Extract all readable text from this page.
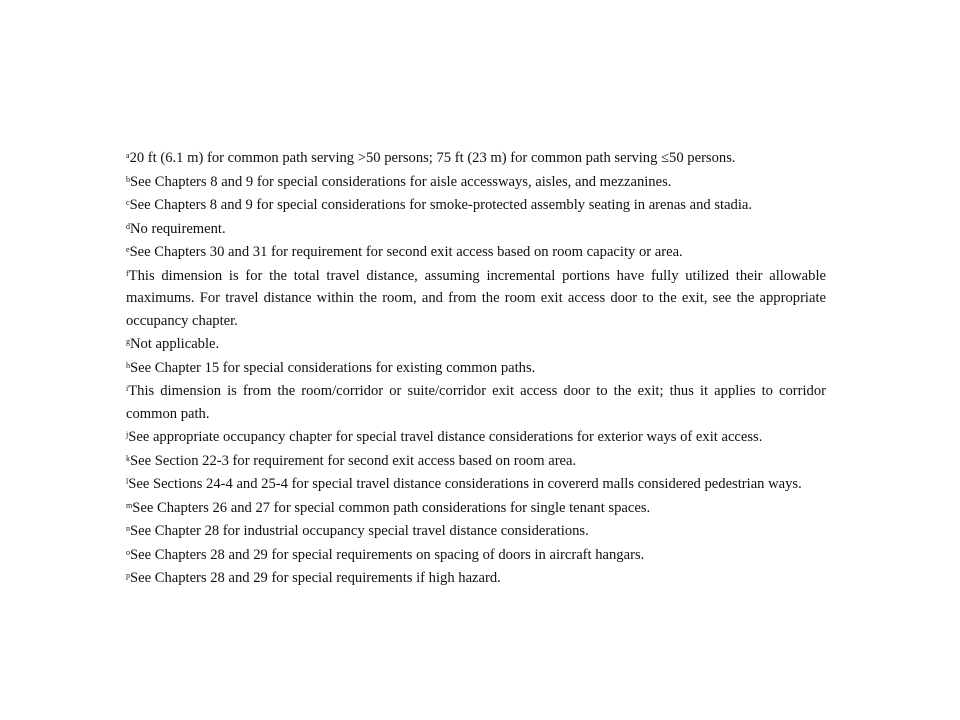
$^a$20 ft (6.1 m) for common path serving >50 persons; 75 ft (23 m) for common path serving ≤50 persons.

$^b$See Chapters 8 and 9 for special considerations for aisle accessways, aisles, and mezzanines.

$^c$See Chapters 8 and 9 for special considerations for smoke-protected assembly seating in arenas and stadia.

$^d$No requirement.

$^e$See Chapters 30 and 31 for requirement for second exit access based on room capacity or area.

$^f$This dimension is for the total travel distance, assuming incremental portions have fully utilized their allowable maximums. For travel distance within the room, and from the room exit access door to the exit, see the appropriate occupancy chapter.

$^g$Not applicable.

$^h$See Chapter 15 for special considerations for existing common paths.

$^i$This dimension is from the room/corridor or suite/corridor exit access door to the exit; thus it applies to corridor common path.

$^j$See appropriate occupancy chapter for special travel distance considerations for exterior ways of exit access.

$^k$See Section 22-3 for requirement for second exit access based on room area.

$^l$See Sections 24-4 and 25-4 for special travel distance considerations in covererd malls considered pedestrian ways.

$^m$See Chapters 26 and 27 for special common path considerations for single tenant spaces.

$^n$See Chapter 28 for industrial occupancy special travel distance considerations.

$^o$See Chapters 28 and 29 for special requirements on spacing of doors in aircraft hangars.

$^p$See Chapters 28 and 29 for special requirements if high hazard.
